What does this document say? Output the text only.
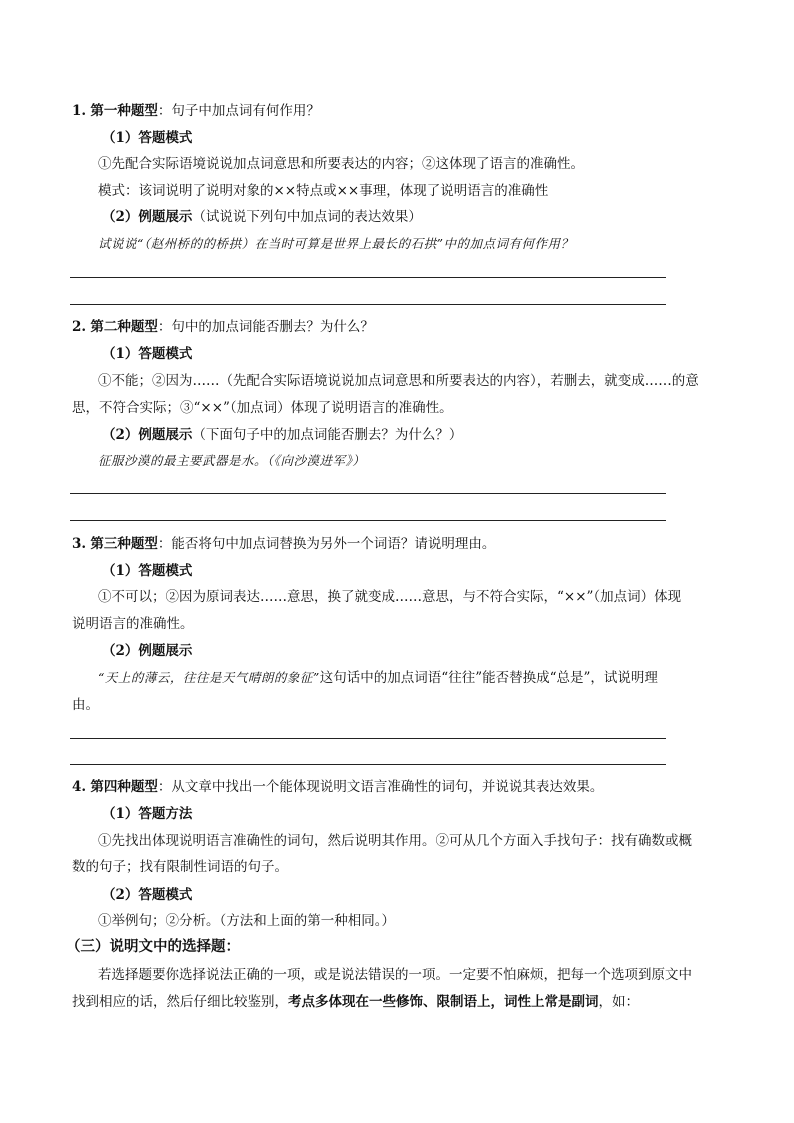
1. 第一种题型：句子中加点词有何作用？
（1）答题模式
①先配合实际语境说说加点词意思和所要表达的内容；②这体现了语言的准确性。
模式：该词说明了说明对象的××特点或××事理，体现了说明语言的准确性
（2）例题展示（试说说下列句中加点词的表达效果）
试说说“（赵州桥的的桥拱）在当时可算是世界上最长的石拱”中的加点词有何作用？
2. 第二种题型：句中的加点词能否删去？为什么？
（1）答题模式
①不能；②因为……（先配合实际语境说说加点词意思和所要表达的内容），若删去，就变成……的意
思，不符合实际；③“××”（加点词）体现了说明语言的准确性。
（2）例题展示（下面句子中的加点词能否删去？为什么？）
征服沙漠的最主要武器是水。（《向沙漠进军》）
3. 第三种题型：能否将句中加点词替换为另外一个词语？请说明理由。
（1）答题模式
①不可以；②因为原词表达……意思，换了就变成……意思，与不符合实际，“××”（加点词）体现
说明语言的准确性。
（2）例题展示
“天上的薄云，往往是天气晴朗的象征”这句话中的加点词语“往往”能否替换成“总是”，试说明理
由。
4. 第四种题型：从文章中找出一个能体现说明文语言准确性的词句，并说说其表达效果。
（1）答题方法
①先找出体现说明语言准确性的词句，然后说明其作用。②可从几个方面入手找句子：找有确数或概
数的句子；找有限制性词语的句子。
（2）答题模式
①举例句；②分析。（方法和上面的第一种相同。）
（三）说明文中的选择题：
若选择题要你选择说法正确的一项，或是说法错误的一项。一定要不怕麻烦，把每一个选项到原文中
找到相应的话，然后仔细比较鉴别，考点多体现在一些修饰、限制语上，词性上常是副词，如：
